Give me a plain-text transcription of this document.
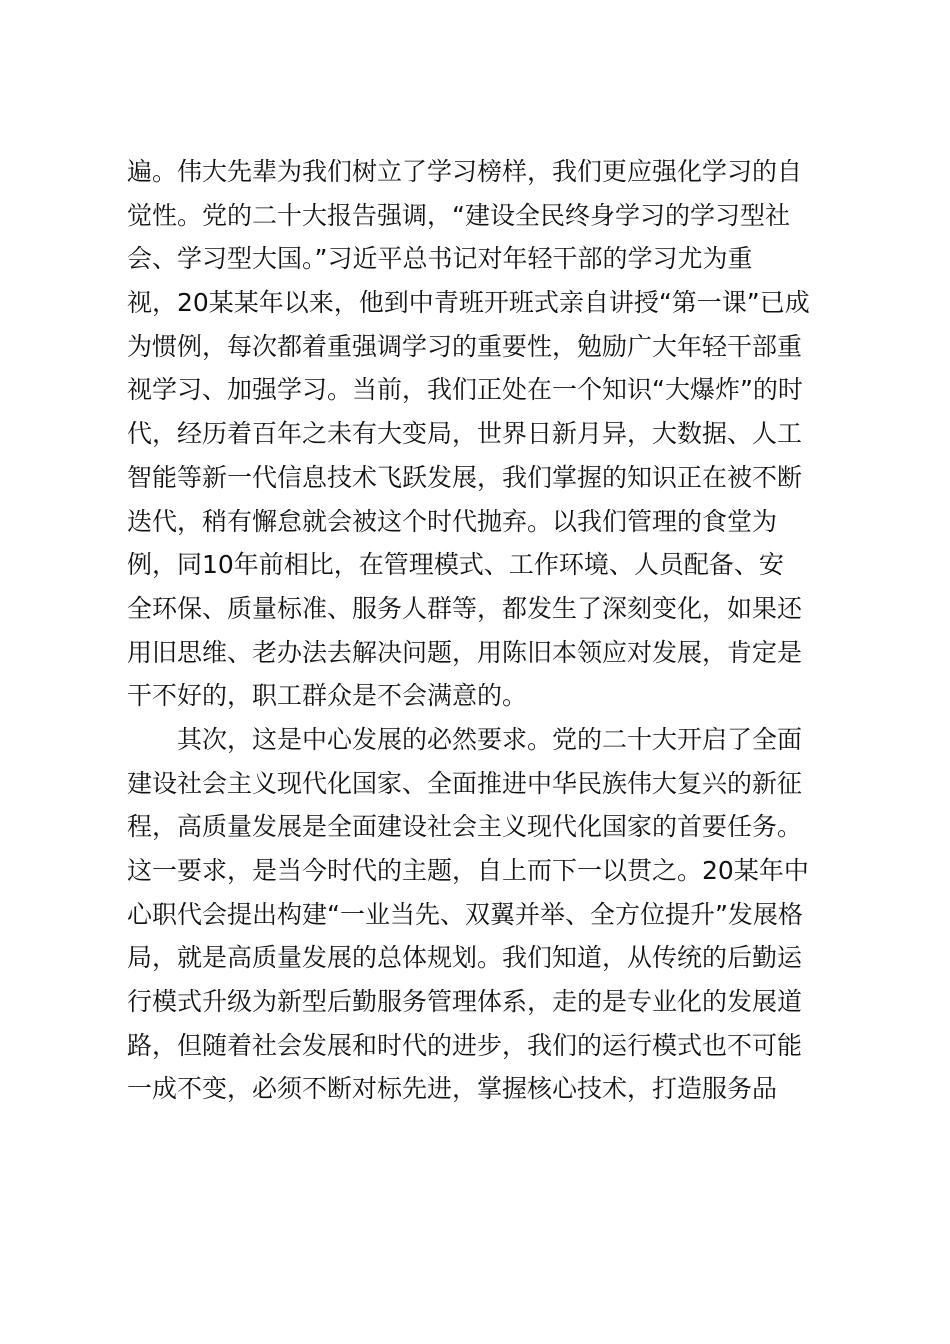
遍。伟大先辈为我们树立了学习榜样，我们更应强化学习的自
觉性。党的二十大报告强调，“建设全民终身学习的学习型社
会、学习型大国。”习近平总书记对年轻干部的学习尤为重
视，20某某年以来，他到中青班开班式亲自讲授“第一课”已成
为惯例，每次都着重强调学习的重要性，勉励广大年轻干部重
视学习、加强学习。当前，我们正处在一个知识“大爆炸”的时
代，经历着百年之未有大变局，世界日新月异，大数据、人工
智能等新一代信息技术飞跃发展，我们掌握的知识正在被不断
迭代，稍有懈怠就会被这个时代抛弃。以我们管理的食堂为
例，同10年前相比，在管理模式、工作环境、人员配备、安
全环保、质量标准、服务人群等，都发生了深刻变化，如果还
用旧思维、老办法去解决问题，用陈旧本领应对发展，肯定是
干不好的，职工群众是不会满意的。
其次，这是中心发展的必然要求。党的二十大开启了全面
建设社会主义现代化国家、全面推进中华民族伟大复兴的新征
程，高质量发展是全面建设社会主义现代化国家的首要任务。
这一要求，是当今时代的主题，自上而下一以贯之。20某年中
心职代会提出构建“一业当先、双翼并举、全方位提升”发展格
局，就是高质量发展的总体规划。我们知道，从传统的后勤运
行模式升级为新型后勤服务管理体系，走的是专业化的发展道
路，但随着社会发展和时代的进步，我们的运行模式也不可能
一成不变，必须不断对标先进，掌握核心技术，打造服务品
